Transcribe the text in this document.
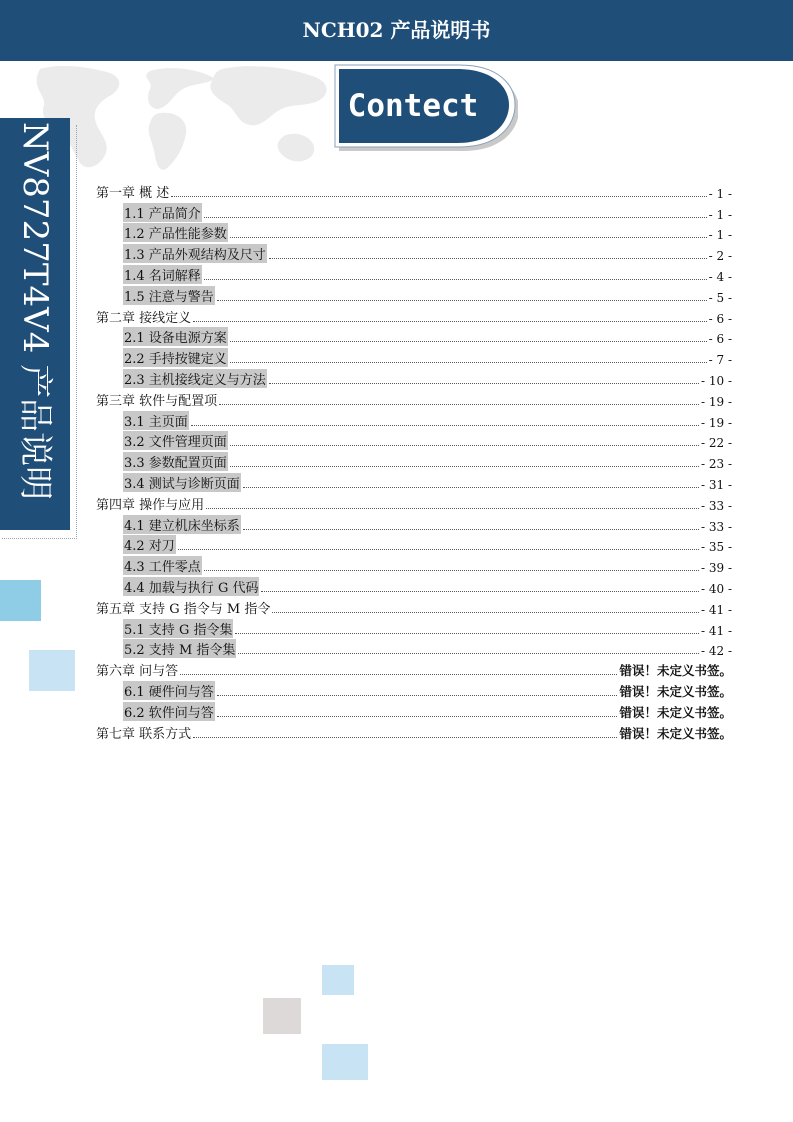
NCH02 产品说明书
NV8727T4V4 产品说明
Contect
第一章 概 述	- 1 -
1.1 产品简介	- 1 -
1.2 产品性能参数	- 1 -
1.3 产品外观结构及尺寸	- 2 -
1.4 名词解释	- 4 -
1.5 注意与警告	- 5 -
第二章 接线定义	- 6 -
2.1 设备电源方案	- 6 -
2.2 手持按键定义	- 7 -
2.3 主机接线定义与方法	- 10 -
第三章 软件与配置项	- 19 -
3.1 主页面	- 19 -
3.2 文件管理页面	- 22 -
3.3 参数配置页面	- 23 -
3.4 测试与诊断页面	- 31 -
第四章 操作与应用	- 33 -
4.1 建立机床坐标系	- 33 -
4.2 对刀	- 35 -
4.3 工件零点	- 39 -
4.4 加载与执行 G 代码	- 40 -
第五章 支持 G 指令与 M 指令	- 41 -
5.1 支持 G 指令集	- 41 -
5.2 支持 M 指令集	- 42 -
第六章 问与答	错误！未定义书签。
6.1 硬件问与答	错误！未定义书签。
6.2 软件问与答	错误！未定义书签。
第七章 联系方式	错误！未定义书签。
